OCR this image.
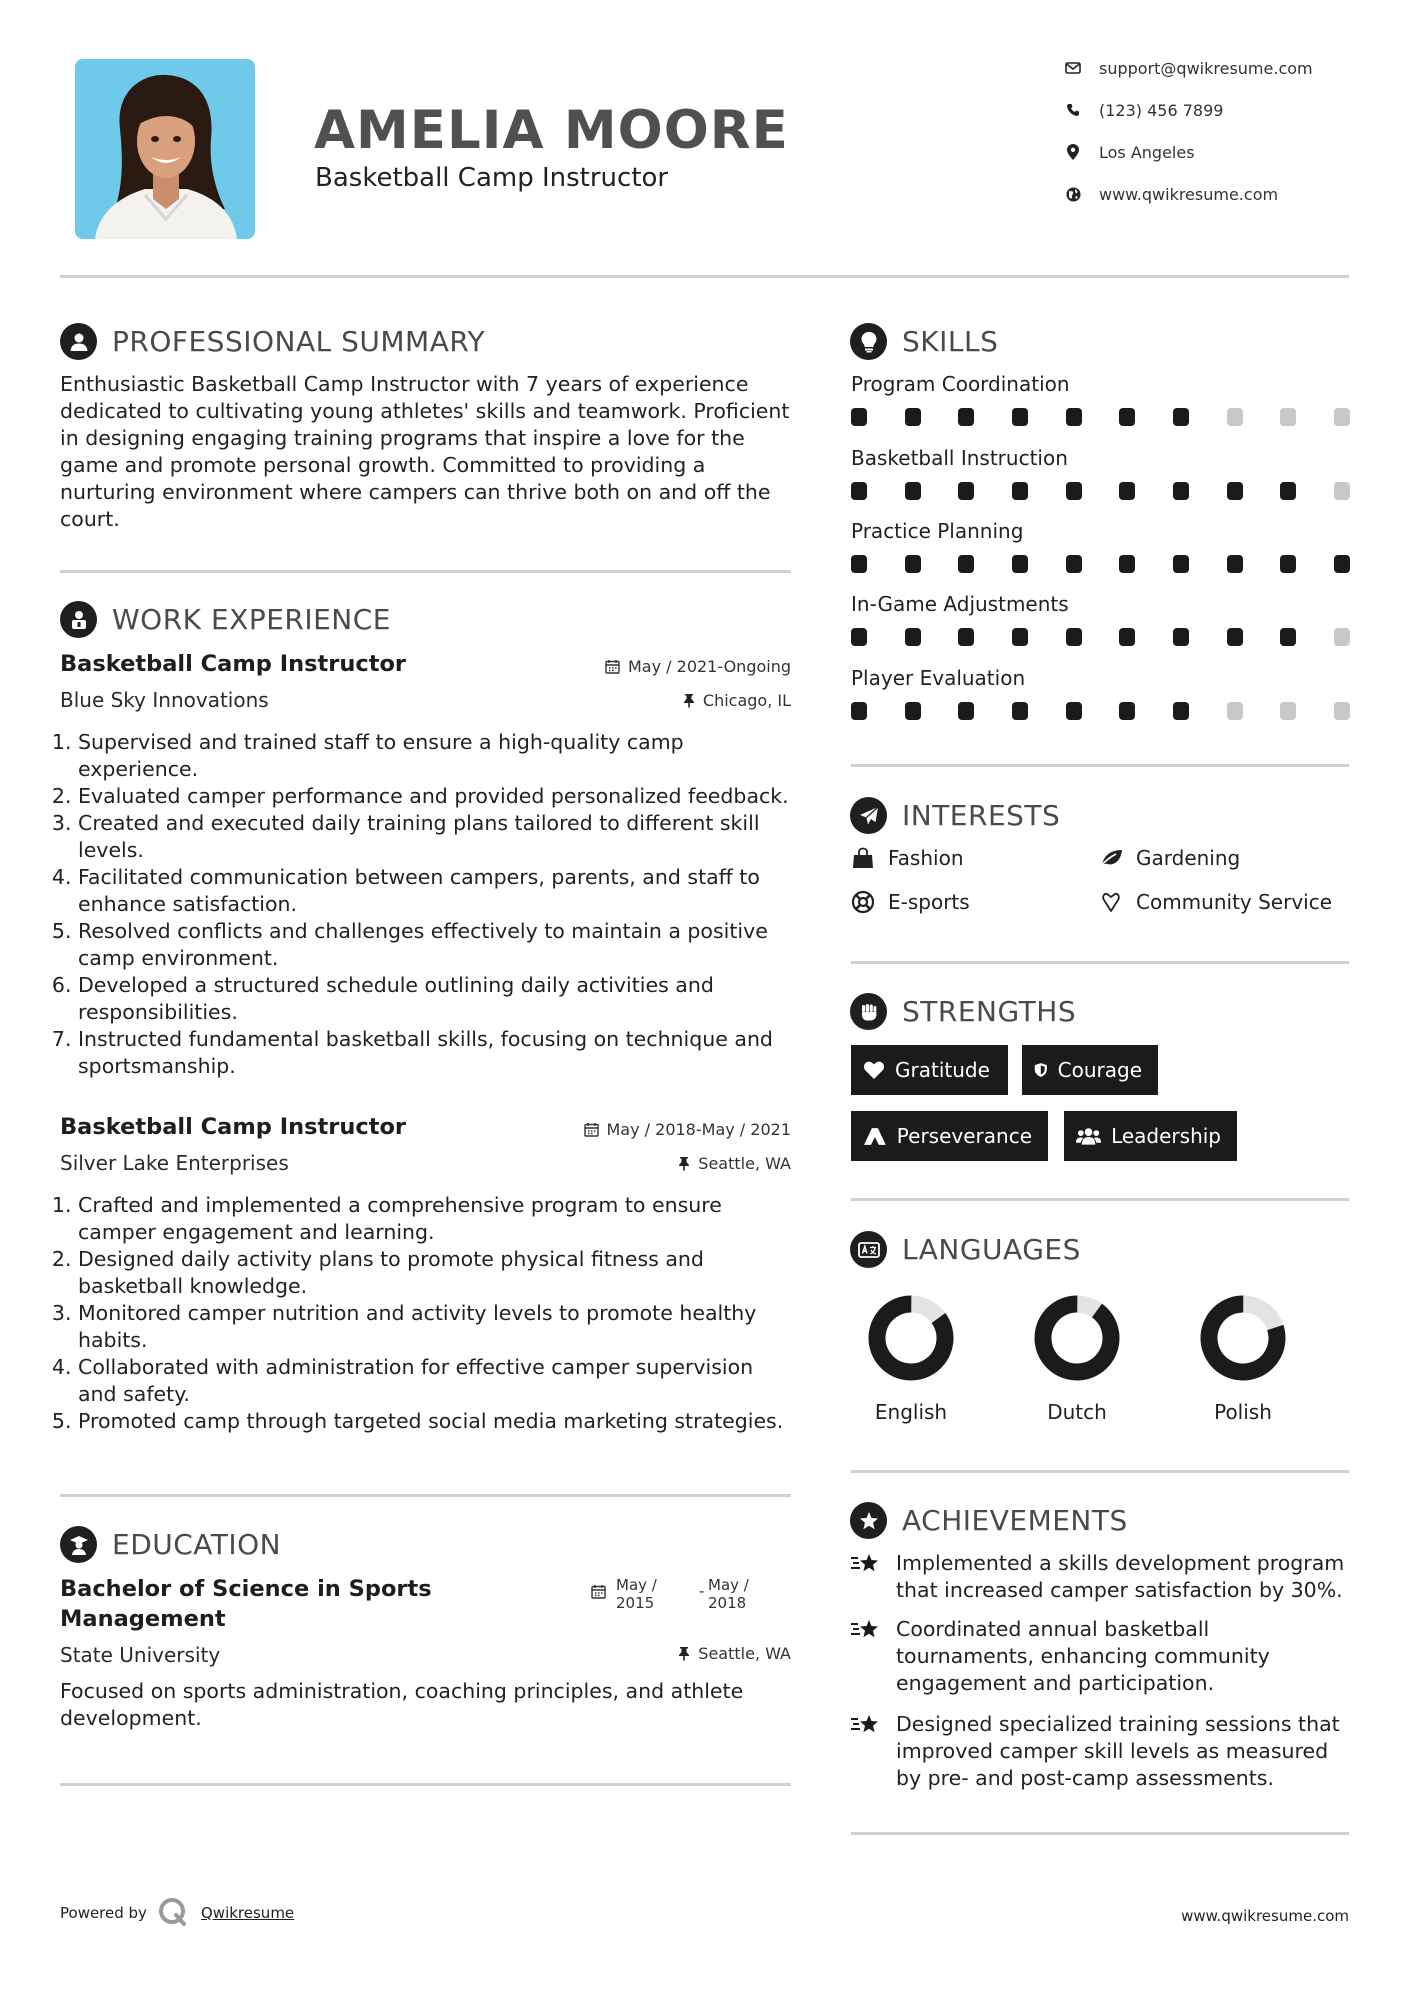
AMELIA MOORE
Basketball Camp Instructor
support@qwikresume.com
(123) 456 7899
Los Angeles
www.qwikresume.com
PROFESSIONAL SUMMARY
Enthusiastic Basketball Camp Instructor with 7 years of experience
dedicated to cultivating young athletes' skills and teamwork. Proficient
in designing engaging training programs that inspire a love for the
game and promote personal growth. Committed to providing a
nurturing environment where campers can thrive both on and off the
court.
WORK EXPERIENCE
Basketball Camp Instructor	May / 2021-Ongoing
Blue Sky Innovations	Chicago, IL
1. Supervised and trained staff to ensure a high-quality camp
experience.
2. Evaluated camper performance and provided personalized feedback.
3. Created and executed daily training plans tailored to different skill
levels.
4. Facilitated communication between campers, parents, and staff to
enhance satisfaction.
5. Resolved conflicts and challenges effectively to maintain a positive
camp environment.
6. Developed a structured schedule outlining daily activities and
responsibilities.
7. Instructed fundamental basketball skills, focusing on technique and
sportsmanship.
Basketball Camp Instructor	May / 2018-May / 2021
Silver Lake Enterprises	Seattle, WA
1. Crafted and implemented a comprehensive program to ensure
camper engagement and learning.
2. Designed daily activity plans to promote physical fitness and
basketball knowledge.
3. Monitored camper nutrition and activity levels to promote healthy
habits.
4. Collaborated with administration for effective camper supervision
and safety.
5. Promoted camp through targeted social media marketing strategies.
EDUCATION
Bachelor of Science in Sports
Management
May /
2015
- May /
2018
State University	Seattle, WA
Focused on sports administration, coaching principles, and athlete
development.
SKILLS
Program Coordination
Basketball Instruction
Practice Planning
In-Game Adjustments
Player Evaluation
INTERESTS
Fashion	Gardening
E-sports	Community Service
STRENGTHS
Gratitude	Courage
Perseverance	Leadership
LANGUAGES
English	Dutch	Polish
ACHIEVEMENTS
Implemented a skills development program
that increased camper satisfaction by 30%.
Coordinated annual basketball
tournaments, enhancing community
engagement and participation.
Designed specialized training sessions that
improved camper skill levels as measured
by pre- and post-camp assessments.
Powered by	Qwikresume	www.qwikresume.com
